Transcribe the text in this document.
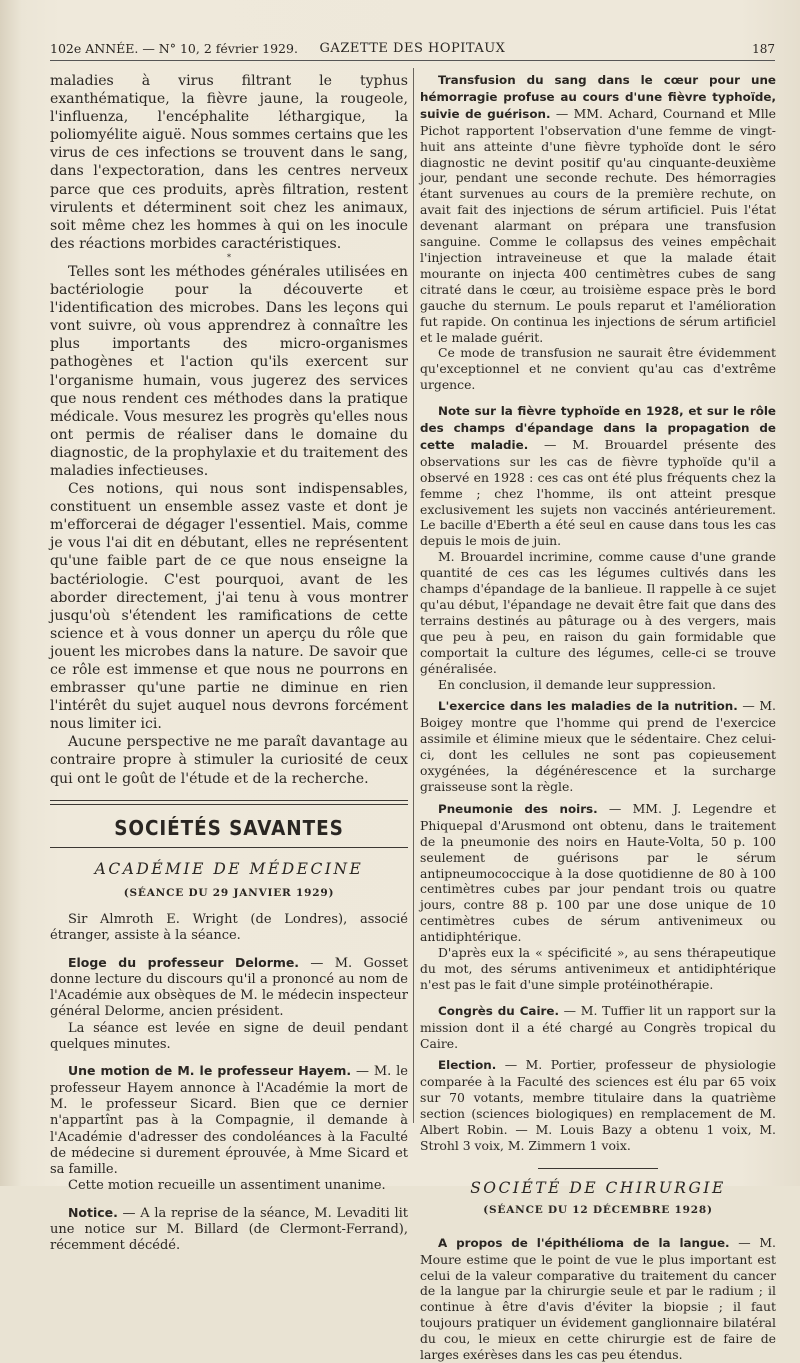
102e ANNÉE. — N° 10, 2 février 1929.	GAZETTE DES HOPITAUX	187

maladies à virus filtrant le typhus exanthématique, la fièvre jaune, la rougeole, l'influenza, l'encéphalite léthargique, la poliomyélite aiguë. Nous sommes certains que les virus de ces infections se trouvent dans le sang, dans l'expectoration, dans les centres nerveux parce que ces produits, après filtration, restent virulents et déterminent soit chez les animaux, soit même chez les hommes à qui on les inocule des réactions morbides caractéristiques.

*

Telles sont les méthodes générales utilisées en bactériologie pour la découverte et l'identification des microbes. Dans les leçons qui vont suivre, où vous apprendrez à connaître les plus importants des micro-organismes pathogènes et l'action qu'ils exercent sur l'organisme humain, vous jugerez des services que nous rendent ces méthodes dans la pratique médicale. Vous mesurez les progrès qu'elles nous ont permis de réaliser dans le domaine du diagnostic, de la prophylaxie et du traitement des maladies infectieuses.

Ces notions, qui nous sont indispensables, constituent un ensemble assez vaste et dont je m'efforcerai de dégager l'essentiel. Mais, comme je vous l'ai dit en débutant, elles ne représentent qu'une faible part de ce que nous enseigne la bactériologie. C'est pourquoi, avant de les aborder directement, j'ai tenu à vous montrer jusqu'où s'étendent les ramifications de cette science et à vous donner un aperçu du rôle que jouent les microbes dans la nature. De savoir que ce rôle est immense et que nous ne pourrons en embrasser qu'une partie ne diminue en rien l'intérêt du sujet auquel nous devrons forcément nous limiter ici.

Aucune perspective ne me paraît davantage au contraire propre à stimuler la curiosité de ceux qui ont le goût de l'étude et de la recherche.

SOCIÉTÉS SAVANTES
ACADÉMIE DE MÉDECINE
(SÉANCE DU 29 JANVIER 1929)

Sir Almroth E. Wright (de Londres), associé étranger, assiste à la séance.

Eloge du professeur Delorme. — M. Gosset donne lecture du discours qu'il a prononcé au nom de l'Académie aux obsèques de M. le médecin inspecteur général Delorme, ancien président.

La séance est levée en signe de deuil pendant quelques minutes.

Une motion de M. le professeur Hayem. — M. le professeur Hayem annonce à l'Académie la mort de M. le professeur Sicard. Bien que ce dernier n'appartînt pas à la Compagnie, il demande à l'Académie d'adresser des condoléances à la Faculté de médecine si durement éprouvée, à Mme Sicard et sa famille.

Cette motion recueille un assentiment unanime.

Notice. — A la reprise de la séance, M. Levaditi lit une notice sur M. Billard (de Clermont-Ferrand), récemment décédé.

Transfusion du sang dans le cœur pour une hémorragie profuse au cours d'une fièvre typhoïde, suivie de guérison. — MM. Achard, Cournand et Mlle Pichot rapportent l'observation d'une femme de vingt-huit ans atteinte d'une fièvre typhoïde dont le séro diagnostic ne devint positif qu'au cinquante-deuxième jour, pendant une seconde rechute. Des hémorragies étant survenues au cours de la première rechute, on avait fait des injections de sérum artificiel. Puis l'état devenant alarmant on prépara une transfusion sanguine. Comme le collapsus des veines empêchait l'injection intraveineuse et que la malade était mourante on injecta 400 centimètres cubes de sang citraté dans le cœur, au troisième espace près le bord gauche du sternum. Le pouls reparut et l'amélioration fut rapide. On continua les injections de sérum artificiel et le malade guérit.

Ce mode de transfusion ne saurait être évidemment qu'exceptionnel et ne convient qu'au cas d'extrême urgence.

Note sur la fièvre typhoïde en 1928, et sur le rôle des champs d'épandage dans la propagation de cette maladie. — M. Brouardel présente des observations sur les cas de fièvre typhoïde qu'il a observé en 1928 : ces cas ont été plus fréquents chez la femme ; chez l'homme, ils ont atteint presque exclusivement les sujets non vaccinés antérieurement. Le bacille d'Eberth a été seul en cause dans tous les cas depuis le mois de juin.

M. Brouardel incrimine, comme cause d'une grande quantité de ces cas les légumes cultivés dans les champs d'épandage de la banlieue. Il rappelle à ce sujet qu'au début, l'épandage ne devait être fait que dans des terrains destinés au pâturage ou à des vergers, mais que peu à peu, en raison du gain formidable que comportait la culture des légumes, celle-ci se trouve généralisée.

En conclusion, il demande leur suppression.

L'exercice dans les maladies de la nutrition. — M. Boigey montre que l'homme qui prend de l'exercice assimile et élimine mieux que le sédentaire. Chez celui-ci, dont les cellules ne sont pas copieusement oxygénées, la dégénérescence et la surcharge graisseuse sont la règle.

Pneumonie des noirs. — MM. J. Legendre et Phiquepal d'Arusmond ont obtenu, dans le traitement de la pneumonie des noirs en Haute-Volta, 50 p. 100 seulement de guérisons par le sérum antipneumococcique à la dose quotidienne de 80 à 100 centimètres cubes par jour pendant trois ou quatre jours, contre 88 p. 100 par une dose unique de 10 centimètres cubes de sérum antivenimeux ou antidiphtérique.

D'après eux la « spécificité », au sens thérapeutique du mot, des sérums antivenimeux et antidiphtérique n'est pas le fait d'une simple protéinothérapie.

Congrès du Caire. — M. Tuffier lit un rapport sur la mission dont il a été chargé au Congrès tropical du Caire.

Election. — M. Portier, professeur de physiologie comparée à la Faculté des sciences est élu par 65 voix sur 70 votants, membre titulaire dans la quatrième section (sciences biologiques) en remplacement de M. Albert Robin. — M. Louis Bazy a obtenu 1 voix, M. Strohl 3 voix, M. Zimmern 1 voix.

SOCIÉTÉ DE CHIRURGIE
(SÉANCE DU 12 DÉCEMBRE 1928)

A propos de l'épithélioma de la langue. — M. Moure estime que le point de vue le plus important est celui de la valeur comparative du traitement du cancer de la langue par la chirurgie seule et par le radium ; il continue à être d'avis d'éviter la biopsie ; il faut toujours pratiquer un évidement ganglionnaire bilatéral du cou, le mieux en cette chirurgie est de faire de larges exérèses dans les cas peu étendus.
